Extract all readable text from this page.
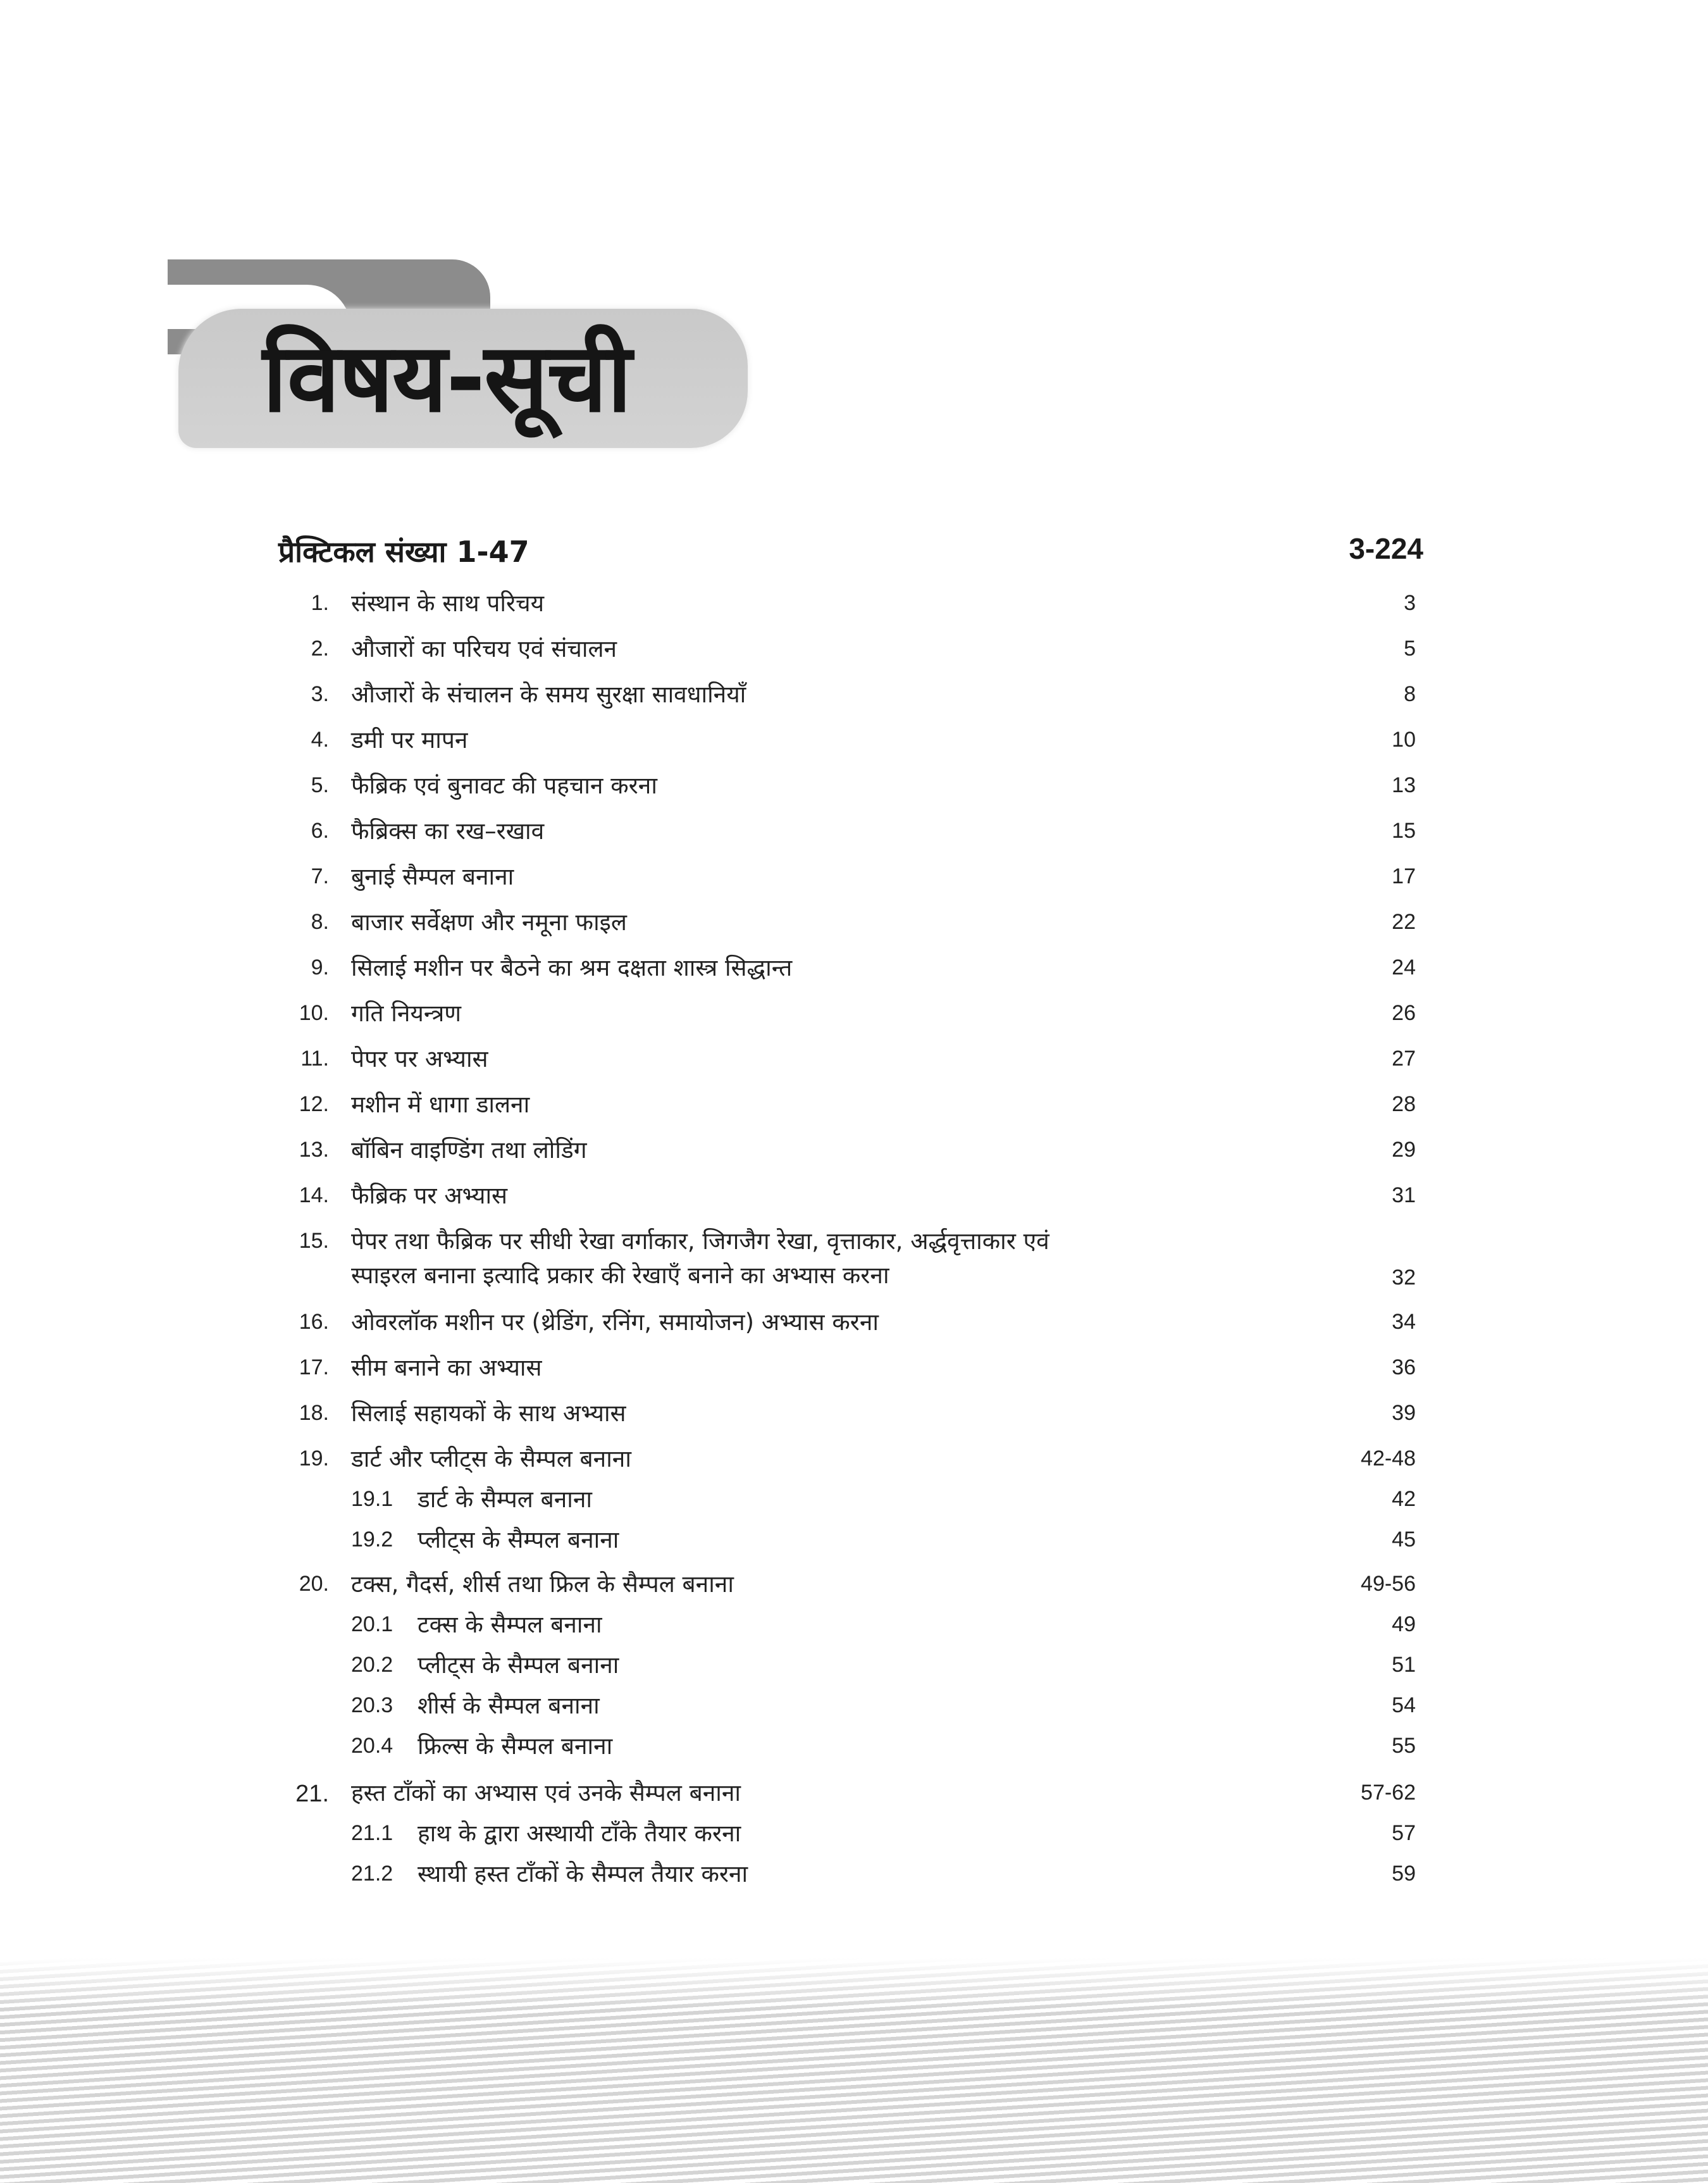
विषय-सूची
प्रैक्टिकल संख्या 1-47	3-224
1. संस्थान के साथ परिचय	3
2. औजारों का परिचय एवं संचालन	5
3. औजारों के संचालन के समय सुरक्षा सावधानियाँ	8
4. डमी पर मापन	10
5. फैब्रिक एवं बुनावट की पहचान करना	13
6. फैब्रिक्स का रख–रखाव	15
7. बुनाई सैम्पल बनाना	17
8. बाजार सर्वेक्षण और नमूना फाइल	22
9. सिलाई मशीन पर बैठने का श्रम दक्षता शास्त्र सिद्धान्त	24
10. गति नियन्त्रण	26
11. पेपर पर अभ्यास	27
12. मशीन में धागा डालना	28
13. बॉबिन वाइण्डिंग तथा लोडिंग	29
14. फैब्रिक पर अभ्यास	31
15. पेपर तथा फैब्रिक पर सीधी रेखा वर्गाकार, जिगजैग रेखा, वृत्ताकार, अर्द्धवृत्ताकार एवं
स्पाइरल बनाना इत्यादि प्रकार की रेखाएँ बनाने का अभ्यास करना	32
16. ओवरलॉक मशीन पर (थ्रेडिंग, रनिंग, समायोजन) अभ्यास करना	34
17. सीम बनाने का अभ्यास	36
18. सिलाई सहायकों के साथ अभ्यास	39
19. डार्ट और प्लीट्स के सैम्पल बनाना	42-48
19.1 डार्ट के सैम्पल बनाना	42
19.2 प्लीट्स के सैम्पल बनाना	45
20. टक्स, गैदर्स, शीर्स तथा फ्रिल के सैम्पल बनाना	49-56
20.1 टक्स के सैम्पल बनाना	49
20.2 प्लीट्स के सैम्पल बनाना	51
20.3 शीर्स के सैम्पल बनाना	54
20.4 फ्रिल्स के सैम्पल बनाना	55
21. हस्त टाँकों का अभ्यास एवं उनके सैम्पल बनाना	57-62
21.1 हाथ के द्वारा अस्थायी टाँके तैयार करना	57
21.2 स्थायी हस्त टाँकों के सैम्पल तैयार करना	59
